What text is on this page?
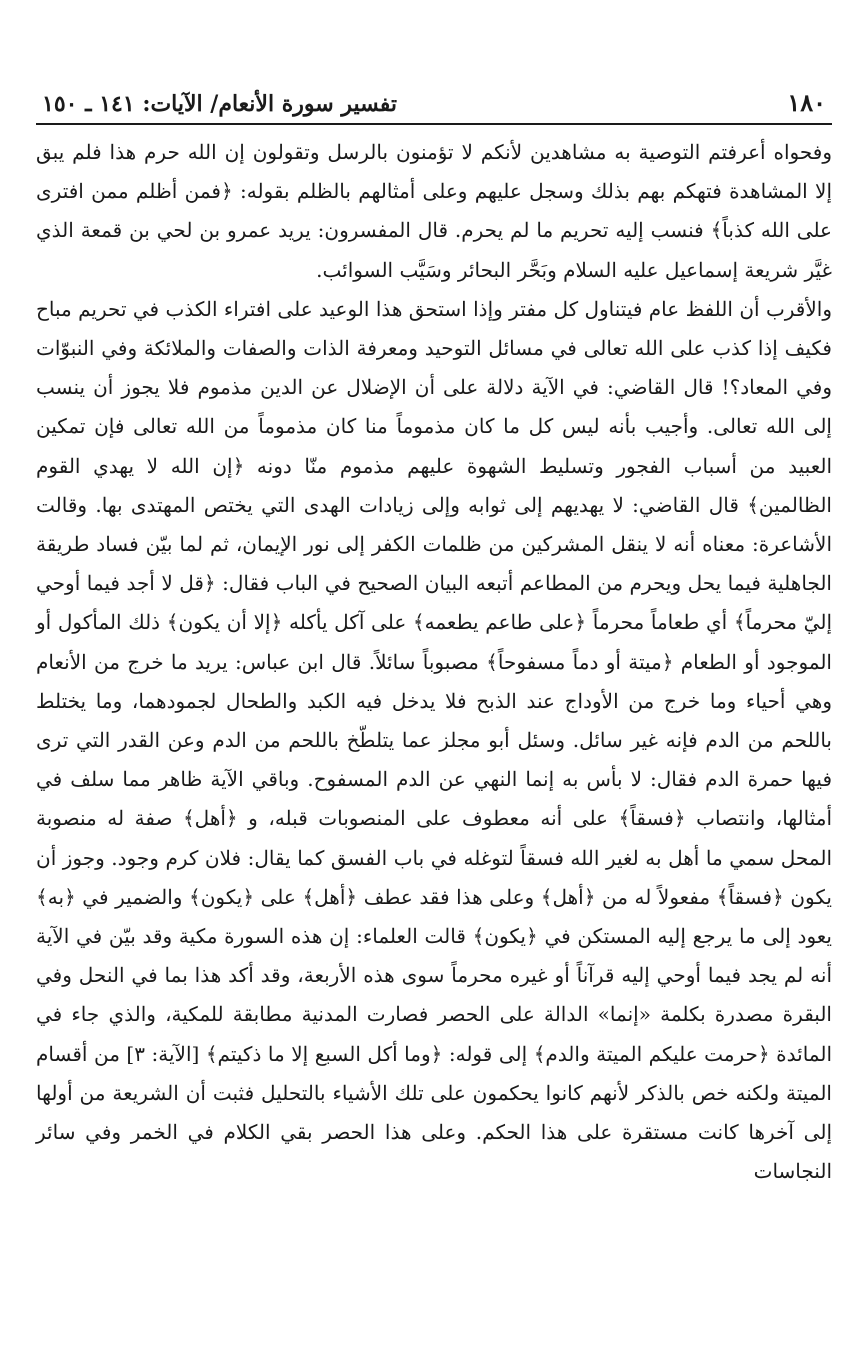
١٨٠
تفسير سورة الأنعام/ الآيات: ١٤١ ـ ١٥٠

وفحواه أعرفتم التوصية به مشاهدين لأنكم لا تؤمنون بالرسل وتقولون إن الله حرم هذا فلم يبق إلا المشاهدة فتهكم بهم بذلك وسجل عليهم وعلى أمثالهم بالظلم بقوله: ﴿فمن أظلم ممن افترى على الله كذباً﴾ فنسب إليه تحريم ما لم يحرم. قال المفسرون: يريد عمرو بن لحي بن قمعة الذي غيَّر شريعة إسماعيل عليه السلام وبَحَّر البحائر وسَيَّب السوائب.

والأقرب أن اللفظ عام فيتناول كل مفتر وإذا استحق هذا الوعيد على افتراء الكذب في تحريم مباح فكيف إذا كذب على الله تعالى في مسائل التوحيد ومعرفة الذات والصفات والملائكة وفي النبوّات وفي المعاد؟! قال القاضي: في الآية دلالة على أن الإضلال عن الدين مذموم فلا يجوز أن ينسب إلى الله تعالى. وأجيب بأنه ليس كل ما كان مذموماً منا كان مذموماً من الله تعالى فإن تمكين العبيد من أسباب الفجور وتسليط الشهوة عليهم مذموم منّا دونه ﴿إن الله لا يهدي القوم الظالمين﴾ قال القاضي: لا يهديهم إلى ثوابه وإلى زيادات الهدى التي يختص المهتدى بها. وقالت الأشاعرة: معناه أنه لا ينقل المشركين من ظلمات الكفر إلى نور الإيمان، ثم لما بيّن فساد طريقة الجاهلية فيما يحل ويحرم من المطاعم أتبعه البيان الصحيح في الباب فقال: ﴿قل لا أجد فيما أوحي إليّ محرماً﴾ أي طعاماً محرماً ﴿على طاعم يطعمه﴾ على آكل يأكله ﴿إلا أن يكون﴾ ذلك المأكول أو الموجود أو الطعام ﴿ميتة أو دماً مسفوحاً﴾ مصبوباً سائلاً. قال ابن عباس: يريد ما خرج من الأنعام وهي أحياء وما خرج من الأوداج عند الذبح فلا يدخل فيه الكبد والطحال لجمودهما، وما يختلط باللحم من الدم فإنه غير سائل. وسئل أبو مجلز عما يتلطّخ باللحم من الدم وعن القدر التي ترى فيها حمرة الدم فقال: لا بأس به إنما النهي عن الدم المسفوح. وباقي الآية ظاهر مما سلف في أمثالها، وانتصاب ﴿فسقاً﴾ على أنه معطوف على المنصوبات قبله، و ﴿أهل﴾ صفة له منصوبة المحل سمي ما أهل به لغير الله فسقاً لتوغله في باب الفسق كما يقال: فلان كرم وجود. وجوز أن يكون ﴿فسقاً﴾ مفعولاً له من ﴿أهل﴾ وعلى هذا فقد عطف ﴿أهل﴾ على ﴿يكون﴾ والضمير في ﴿به﴾ يعود إلى ما يرجع إليه المستكن في ﴿يكون﴾ قالت العلماء: إن هذه السورة مكية وقد بيّن في الآية أنه لم يجد فيما أوحي إليه قرآناً أو غيره محرماً سوى هذه الأربعة، وقد أكد هذا بما في النحل وفي البقرة مصدرة بكلمة «إنما» الدالة على الحصر فصارت المدنية مطابقة للمكية، والذي جاء في المائدة ﴿حرمت عليكم الميتة والدم﴾ إلى قوله: ﴿وما أكل السبع إلا ما ذكيتم﴾ [الآية: ٣] من أقسام الميتة ولكنه خص بالذكر لأنهم كانوا يحكمون على تلك الأشياء بالتحليل فثبت أن الشريعة من أولها إلى آخرها كانت مستقرة على هذا الحكم. وعلى هذا الحصر بقي الكلام في الخمر وفي سائر النجاسات
